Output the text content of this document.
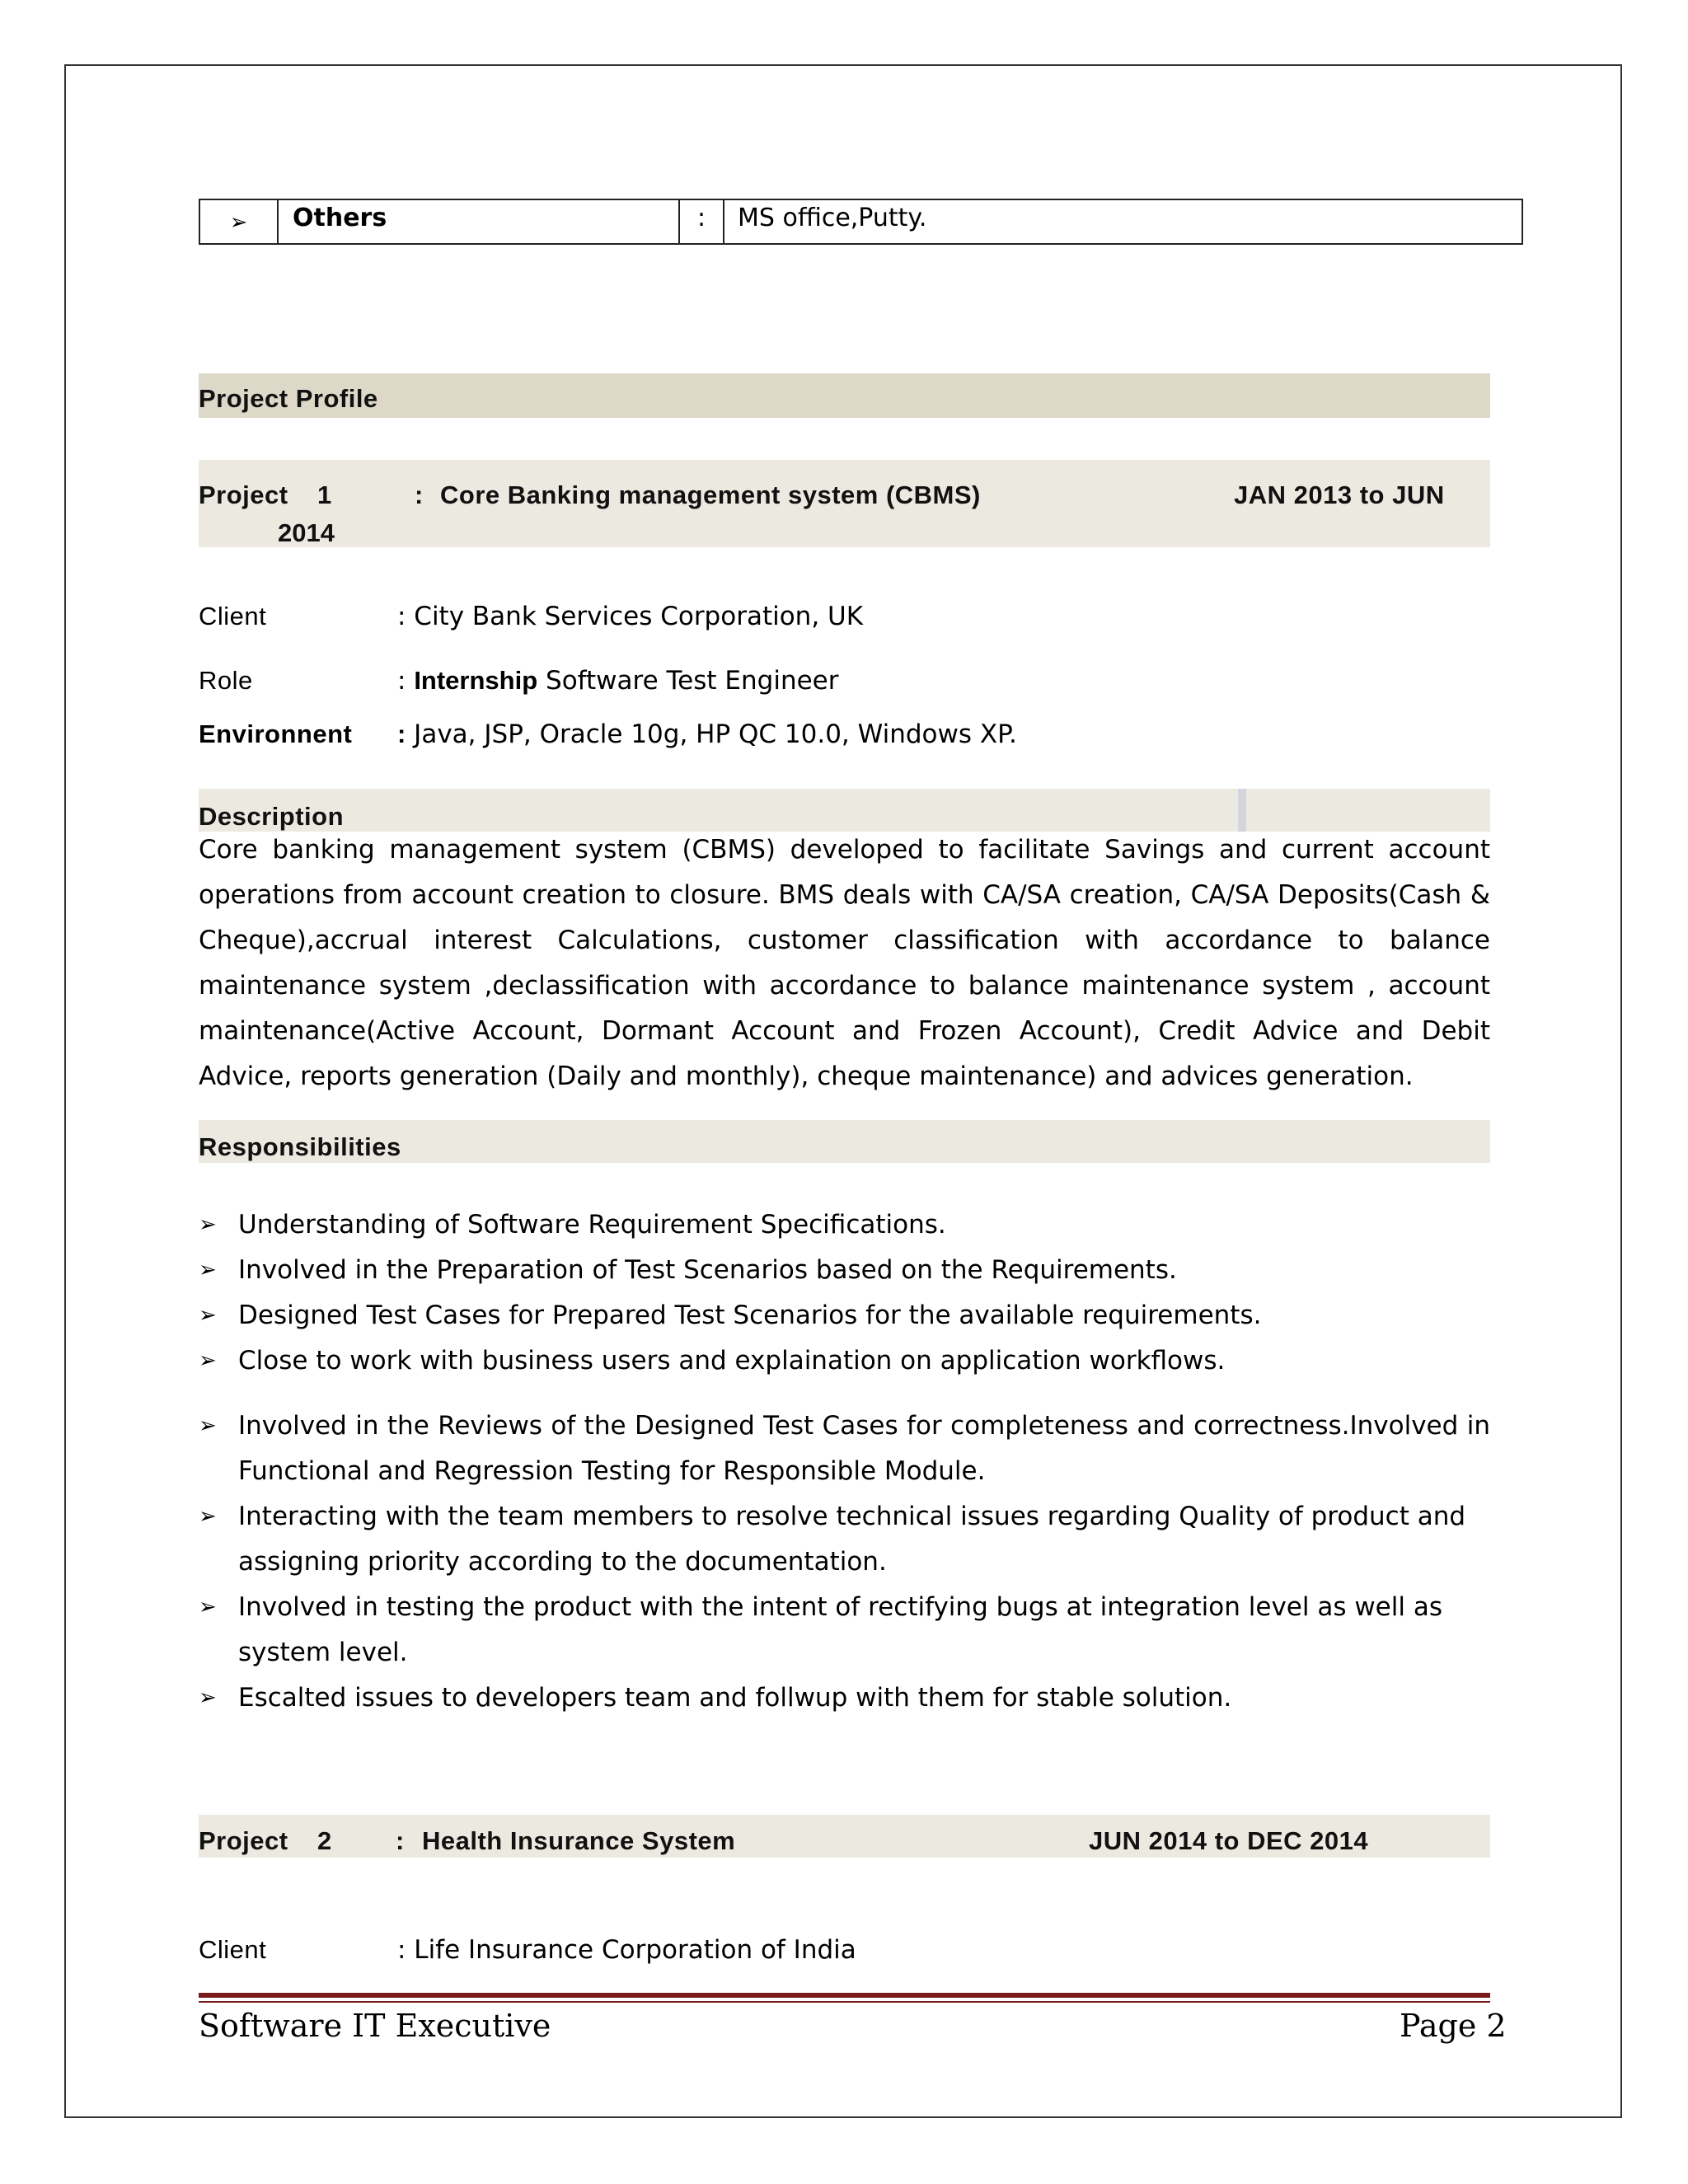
➢	Others	:	MS office,Putty.
Project Profile
Project 1	: Core Banking management system (CBMS)	JAN 2013 to JUN
2014
Client	: City Bank Services Corporation, UK
Role	: Internship Software Test Engineer
Environnent : Java, JSP, Oracle 10g, HP QC 10.0, Windows XP.
Description
Core banking management system (CBMS) developed to facilitate Savings and current account operations from account creation to closure. BMS deals with CA/SA creation, CA/SA Deposits(Cash & Cheque),accrual interest Calculations, customer classification with accordance to balance maintenance system ,declassification with accordance to balance maintenance system , account maintenance(Active Account, Dormant Account and Frozen Account), Credit Advice and Debit Advice, reports generation (Daily and monthly), cheque maintenance) and advices generation.
Responsibilities
➢ Understanding of Software Requirement Specifications.
➢ Involved in the Preparation of Test Scenarios based on the Requirements.
➢ Designed Test Cases for Prepared Test Scenarios for the available requirements.
➢ Close to work with business users and explaination on application workflows.
➢ Involved in the Reviews of the Designed Test Cases for completeness and correctness.Involved in Functional and Regression Testing for Responsible Module.
➢ Interacting with the team members to resolve technical issues regarding Quality of product and assigning priority according to the documentation.
➢ Involved in testing the product with the intent of rectifying bugs at integration level as well as system level.
➢ Escalted issues to developers team and follwup with them for stable solution.
Project 2 : Health Insurance System	JUN 2014 to DEC 2014
Client	: Life Insurance Corporation of India
Software IT Executive	Page 2
